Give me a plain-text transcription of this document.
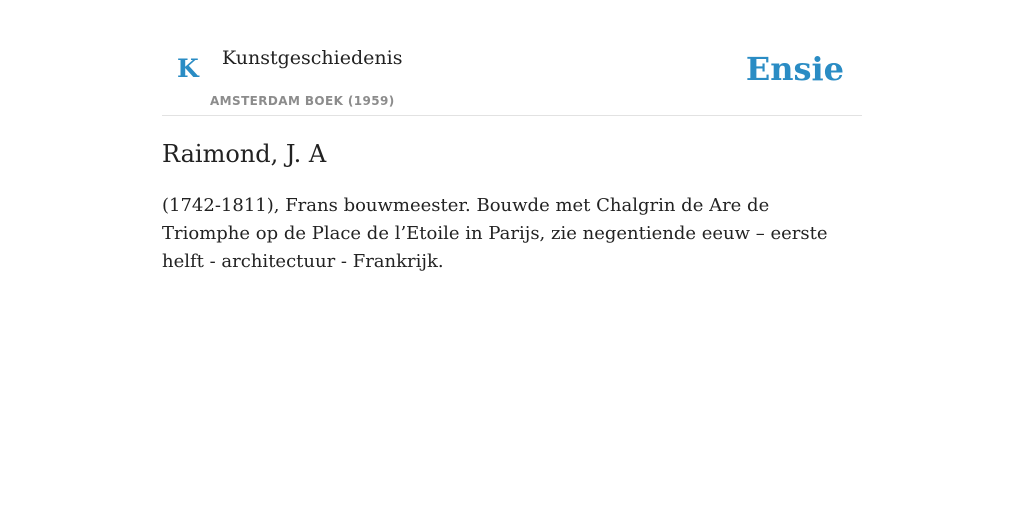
K Kunstgeschiedenis
AMSTERDAM BOEK (1959)
Ensie
Raimond, J. A

(1742-1811), Frans bouwmeester. Bouwde met Chalgrin de Are de Triomphe op de Place de l’Etoile in Parijs, zie negentiende eeuw – eerste helft - architectuur - Frankrijk.
